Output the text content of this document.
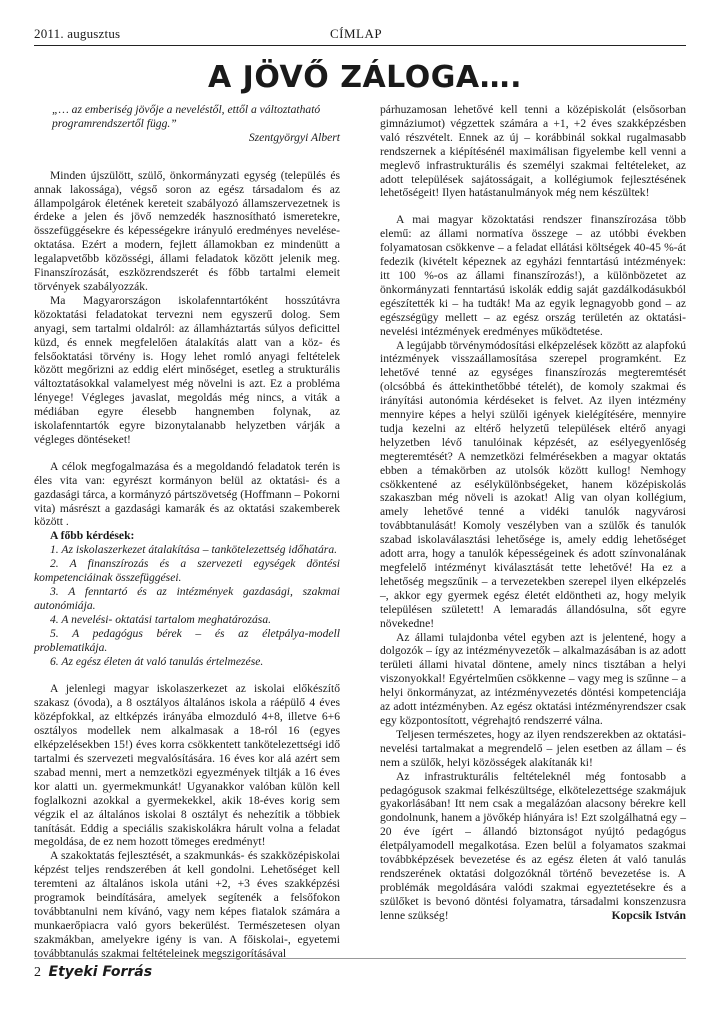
2011. augusztus	CÍMLAP
A JÖVŐ ZÁLOGA….
„… az emberiség jövője a neveléstől, ettől a változtatható programrendszertől függ.”
Szentgyörgyi Albert

Minden újszülött, szülő, önkormányzati egység (település és annak lakossága), végső soron az egész társadalom és az állampolgárok életének kereteit szabályozó államszervezetnek is érdeke a jelen és jövő nemzedék hasznosítható ismeretekre, összefüggésekre és képességekre irányuló eredményes nevelése-oktatása. Ezért a modern, fejlett államokban ez mindenütt a legalapvetőbb közösségi, állami feladatok között jelenik meg. Finanszírozását, eszközrendszerét és főbb tartalmi elemeit törvények szabályozzák.

Ma Magyarországon iskolafenntartóként hosszútávra közoktatási feladatokat tervezni nem egyszerű dolog. Sem anyagi, sem tartalmi oldalról: az államháztartás súlyos deficittel küzd, és ennek megfelelően átalakítás alatt van a köz- és felsőoktatási törvény is. Hogy lehet romló anyagi feltételek között megőrizni az eddig elért minőséget, esetleg a strukturális változtatásokkal valamelyest még növelni is azt. Ez a probléma lényege! Végleges javaslat, megoldás még nincs, a viták a médiában egyre élesebb hangnemben folynak, az iskolafenntartók egyre bizonytalanabb helyzetben várják a végleges döntéseket!

A célok megfogalmazása és a megoldandó feladatok terén is éles vita van: egyrészt kormányon belül az oktatási- és a gazdasági tárca, a kormányzó pártszövetség (Hoffmann – Pokorni vita) másrészt a gazdasági kamarák és az oktatási szakemberek között .

A főbb kérdések:
1. Az iskolaszerkezet átalakítása – tankötelezettség időhatára.
2. A finanszírozás és a szervezeti egységek döntési kompetenciáinak összefüggései.
3. A fenntartó és az intézmények gazdasági, szakmai autonómiája.
4. A nevelési- oktatási tartalom meghatározása.
5. A pedagógus bérek – és az életpálya-modell problematikája.
6. Az egész életen át való tanulás értelmezése.

A jelenlegi magyar iskolaszerkezet az iskolai előkészítő szakasz (óvoda), a 8 osztályos általános iskola a ráépülő 4 éves középfokkal, az eltképzés irányába elmozduló 4+8, illetve 6+6 osztályos modellek nem alkalmasak a 18-ról 16 (egyes elképzelésekben 15!) éves korra csökkentett tankötelezettségi idő tartalmi és szervezeti megvalósítására. 16 éves kor alá azért sem szabad menni, mert a nemzetközi egyezmények tiltják a 16 éves kor alatti un. gyermekmunkát! Ugyanakkor valóban külön kell foglalkozni azokkal a gyermekekkel, akik 18-éves korig sem végzik el az általános iskolai 8 osztályt és nehezítik a többiek tanítását. Eddig a speciális szakiskolákra hárult volna a feladat megoldása, de ez nem hozott tömeges eredményt!

A szakoktatás fejlesztését, a szakmunkás- és szakközépiskolai képzést teljes rendszerében át kell gondolni. Lehetőséget kell teremteni az általános iskola utáni +2, +3 éves szakképzési programok beindítására, amelyek segítenék a felsőfokon továbbtanulni nem kívánó, vagy nem képes fiatalok számára a munkaerőpiacra való gyors bekerülést. Természetesen olyan szakmákban, amelyekre igény is van. A főiskolai-, egyetemi továbbtanulás szakmai feltételeinek megszigorításával

párhuzamosan lehetővé kell tenni a középiskolát (elsősorban gimnáziumot) végzettek számára a +1, +2 éves szakképzésben való részvételt. Ennek az új – korábbinál sokkal rugalmasabb rendszernek a kiépítésénél maximálisan figyelembe kell venni a meglevő infrastrukturális és személyi szakmai feltételeket, az adott települések sajátosságait, a kollégiumok fejlesztésének lehetőségeit! Ilyen hatástanulmányok még nem készültek!

A mai magyar közoktatási rendszer finanszírozása több elemű: az állami normatíva összege – az utóbbi években folyamatosan csökkenve – a feladat ellátási költségek 40-45 %-át fedezik (kivételt képeznek az egyházi fenntartású intézmények: itt 100 %-os az állami finanszírozás!), a különbözetet az önkormányzati fenntartású iskolák eddig saját gazdálkodásukból egészítették ki – ha tudták! Ma az egyik legnagyobb gond – az egészségügy mellett – az egész ország területén az oktatási-nevelési intézmények eredményes működtetése.

A legújabb törvénymódosítási elképzelések között az alapfokú intézmények visszaállamosítása szerepel programként. Ez lehetővé tenné az egységes finanszírozás megteremtését (olcsóbbá és áttekinthetőbbé tételét), de komoly szakmai és irányítási autonómia kérdéseket is felvet. Az ilyen intézmény mennyire képes a helyi szülői igények kielégítésére, mennyire tudja kezelni az eltérő helyzetű települések eltérő anyagi helyzetben lévő tanulóinak képzését, az esélyegyenlőség megteremtését? A nemzetközi felmérésekben a magyar oktatás ebben a témakörben az utolsók között kullog! Nemhogy csökkentené az esélykülönbségeket, hanem középiskolás szakaszban még növeli is azokat! Alig van olyan kollégium, amely lehetővé tenné a vidéki tanulók nagyvárosi továbbtanulását! Komoly veszélyben van a szülők és tanulók szabad iskolaválasztási lehetősége is, amely eddig lehetőséget adott arra, hogy a tanulók képességeinek és adott színvonalának megfelelő intézményt kiválasztását tette lehetővé! Ha ez a lehetőség megszűnik – a tervezetekben szerepel ilyen elképzelés –, akkor egy gyermek egész életét eldöntheti az, hogy melyik településen született! A lemaradás állandósulna, sőt egyre növekedne!

Az állami tulajdonba vétel egyben azt is jelentené, hogy a dolgozók – így az intézményvezetők – alkalmazásában is az adott területi állami hivatal döntene, amely nincs tisztában a helyi viszonyokkal! Egyértelműen csökkenne – vagy meg is szűnne – a helyi önkormányzat, az intézményvezetés döntési kompetenciája az adott intézményben. Az egész oktatási intézményrendszer csak egy központosított, végrehajtó rendszerré válna.

Teljesen természetes, hogy az ilyen rendszerekben az oktatási-nevelési tartalmakat a megrendelő – jelen esetben az állam – és nem a szülők, helyi közösségek alakítanák ki!

Az infrastrukturális feltételeknél még fontosabb a pedagógusok szakmai felkészültsége, elkötelezettsége szakmájuk gyakorlásában! Itt nem csak a megalázóan alacsony bérekre kell gondolnunk, hanem a jövőkép hiányára is! Ezt szolgálhatná egy – 20 éve ígért – állandó biztonságot nyújtó pedagógus életpályamodell megalkotása. Ezen belül a folyamatos szakmai továbbképzések bevezetése és az egész életen át való tanulás rendszerének oktatási dolgozóknál történő bevezetése is. A problémák megoldására valódi szakmai egyeztetésekre és a szülőket is bevonó döntési folyamatra, társadalmi konszenzusra lenne szükség!	Kopcsik István
2 Etyeki Forrás
